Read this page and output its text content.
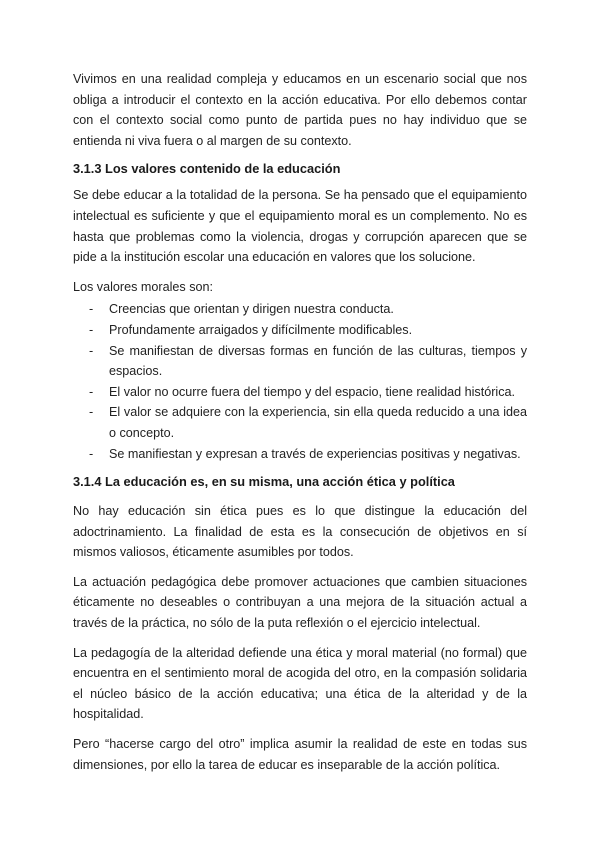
Vivimos en una realidad compleja y educamos en un escenario social que nos obliga a introducir el contexto en la acción educativa. Por ello debemos contar con el contexto social como punto de partida pues no hay individuo que se entienda ni viva fuera o al margen de su contexto.

3.1.3 Los valores contenido de la educación

Se debe educar a la totalidad de la persona. Se ha pensado que el equipamiento intelectual es suficiente y que el equipamiento moral es un complemento. No es hasta que problemas como la violencia, drogas y corrupción aparecen que se pide a la institución escolar una educación en valores que los solucione.

Los valores morales son:

- Creencias que orientan y dirigen nuestra conducta.
- Profundamente arraigados y difícilmente modificables.
- Se manifiestan de diversas formas en función de las culturas, tiempos y espacios.
- El valor no ocurre fuera del tiempo y del espacio, tiene realidad histórica.
- El valor se adquiere con la experiencia, sin ella queda reducido a una idea o concepto.
- Se manifiestan y expresan a través de experiencias positivas y negativas.
3.1.4 La educación es, en su misma, una acción ética y política

No hay educación sin ética pues es lo que distingue la educación del adoctrinamiento. La finalidad de esta es la consecución de objetivos en sí mismos valiosos, éticamente asumibles por todos.

La actuación pedagógica debe promover actuaciones que cambien situaciones éticamente no deseables o contribuyan a una mejora de la situación actual a través de la práctica, no sólo de la puta reflexión o el ejercicio intelectual.

La pedagogía de la alteridad defiende una ética y moral material (no formal) que encuentra en el sentimiento moral de acogida del otro, en la compasión solidaria el núcleo básico de la acción educativa; una ética de la alteridad y de la hospitalidad.

Pero “hacerse cargo del otro” implica asumir la realidad de este en todas sus dimensiones, por ello la tarea de educar es inseparable de la acción política.
